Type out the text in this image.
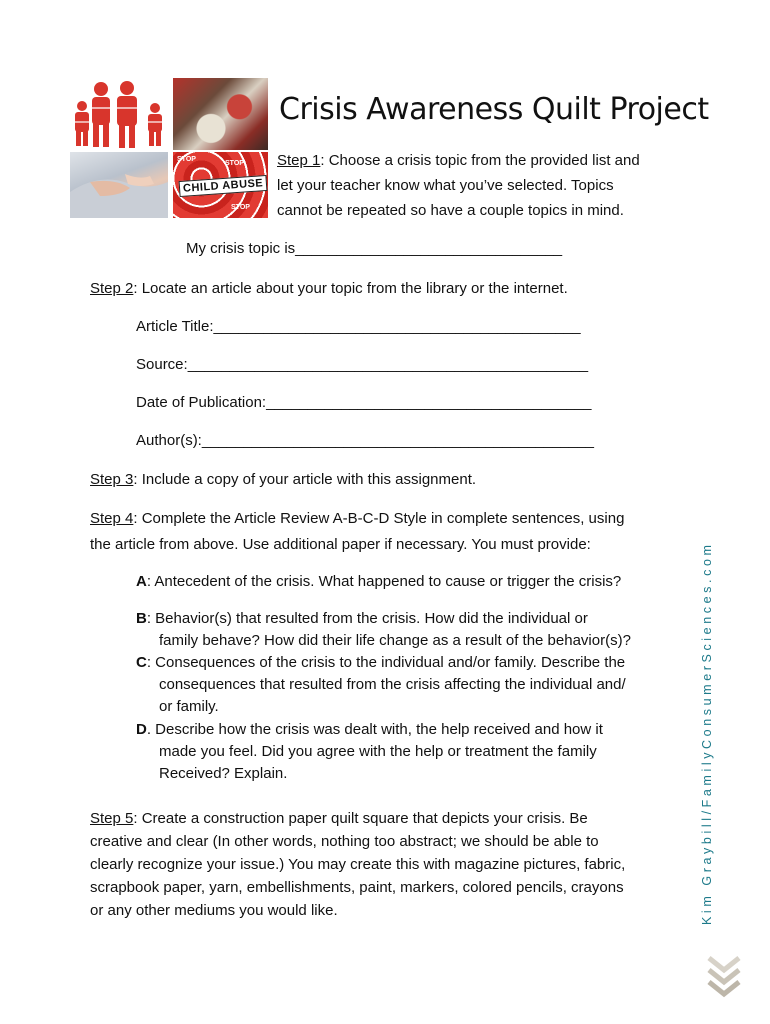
STOP
STOP
STOP
CHILD ABUSE
Crisis Awareness Quilt Project
Step 1: Choose a crisis topic from the provided list and
let your teacher know what you’ve selected. Topics
cannot be repeated so have a couple topics in mind.
My crisis topic is________________________________
Step 2: Locate an article about your topic from the library or the internet.
Article Title:____________________________________________
Source:________________________________________________
Date of Publication:_______________________________________
Author(s):_______________________________________________
Step 3: Include a copy of your article with this assignment.
Step 4: Complete the Article Review A-B-C-D Style in complete sentences, using
the article from above. Use additional paper if necessary. You must provide:
A: Antecedent of the crisis. What happened to cause or trigger the crisis?
B: Behavior(s) that resulted from the crisis. How did the individual or
family behave? How did their life change as a result of the behavior(s)?
C: Consequences of the crisis to the individual and/or family. Describe the
consequences that resulted from the crisis affecting the individual and/
or family.
D. Describe how the crisis was dealt with, the help received and how it
made you feel. Did you agree with the help or treatment the family
Received? Explain.
Step 5: Create a construction paper quilt square that depicts your crisis. Be
creative and clear (In other words, nothing too abstract; we should be able to
clearly recognize your issue.) You may create this with magazine pictures, fabric,
scrapbook paper, yarn, embellishments, paint, markers, colored pencils, crayons
or any other mediums you would like.	Kim Graybill/FamilyConsumerSciences.com
